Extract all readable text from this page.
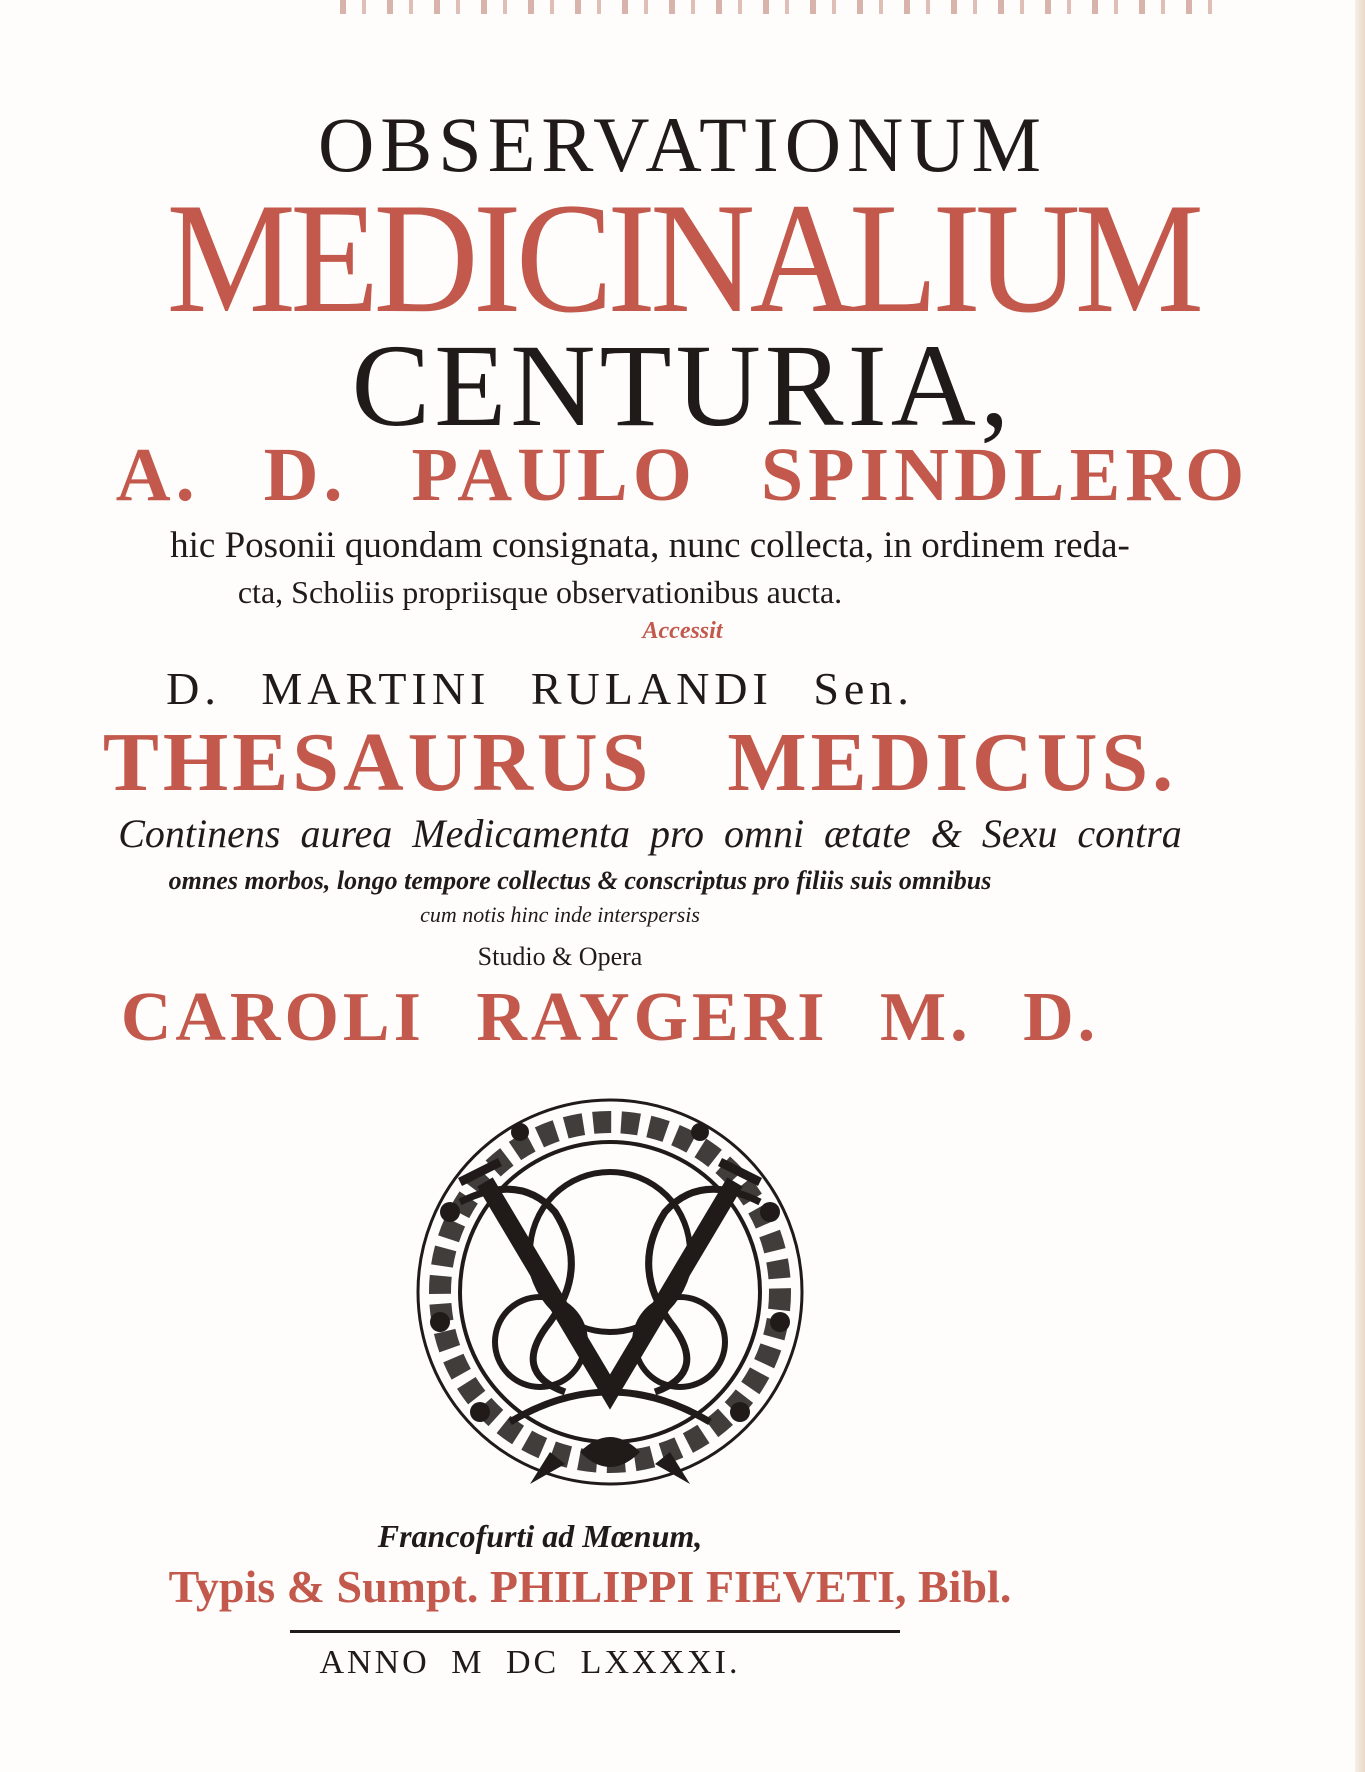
OBSERVATIONUM
MEDICINALIUM
CENTURIA,
A. D. PAULO SPINDLERO
hic Posonii quondam consignata, nunc collecta, in ordinem reda-
cta, Scholiis propriisque observationibus aucta.
Accessit
D. MARTINI RULANDI Sen.
THESAURUS MEDICUS.
Continens aurea Medicamenta pro omni ætate & Sexu contra
omnes morbos, longo tempore collectus & conscriptus pro filiis suis omnibus
cum notis hinc inde interspersis
Studio & Opera
CAROLI RAYGERI M. D.
Francofurti ad Mœnum,
Typis & Sumpt. PHILIPPI FIEVETI, Bibl.
ANNO M DC LXXXXI.
